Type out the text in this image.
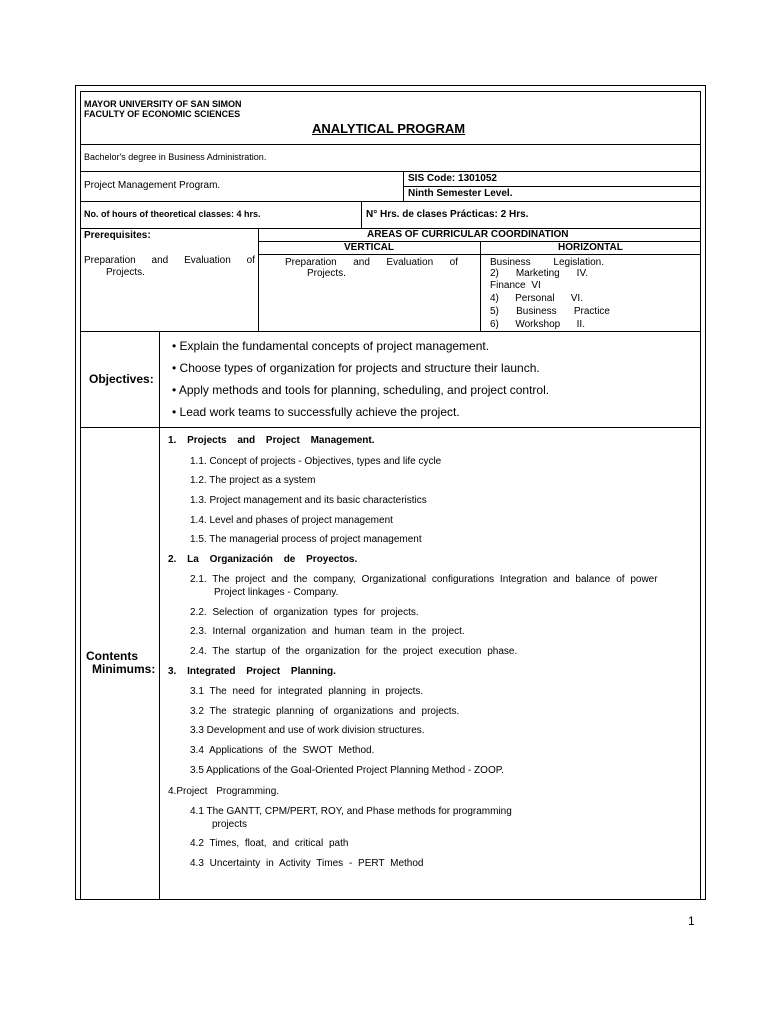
MAYOR UNIVERSITY OF SAN SIMON
FACULTY OF ECONOMIC SCIENCES
ANALYTICAL PROGRAM
Bachelor's degree in Business Administration.
Project Management Program.
SIS Code: 1301052
Ninth Semester Level.
No. of hours of theoretical classes: 4 hrs.	N° Hrs. de clases Prácticas: 2 Hrs.
Prerequisites:
Preparation and Evaluation of
Projects.
AREAS OF CURRICULAR COORDINATION
VERTICAL	HORIZONTAL
Preparation and Evaluation of
Projects.
Business Legislation.
2) Marketing IV.
Finance VI
4) Personal VI.
5) Business Practice
6) Workshop II.
Objectives:
• Explain the fundamental concepts of project management.
• Choose types of organization for projects and structure their launch.
• Apply methods and tools for planning, scheduling, and project control.
• Lead work teams to successfully achieve the project.
Contents
Minimums:
1. Projects and Project Management.
1.1. Concept of projects - Objectives, types and life cycle
1.2. The project as a system
1.3. Project management and its basic characteristics
1.4. Level and phases of project management
1.5. The managerial process of project management
2. La Organización de Proyectos.
2.1. The project and the company, Organizational configurations Integration and balance of power
Project linkages - Company.
2.2. Selection of organization types for projects.
2.3. Internal organization and human team in the project.
2.4. The startup of the organization for the project execution phase.
3. Integrated Project Planning.
3.1 The need for integrated planning in projects.
3.2 The strategic planning of organizations and projects.
3.3 Development and use of work division structures.
3.4 Applications of the SWOT Method.
3.5 Applications of the Goal-Oriented Project Planning Method - ZOOP.
4.Project Programming.
4.1 The GANTT, CPM/PERT, ROY, and Phase methods for programming
projects
4.2 Times, float, and critical path
4.3 Uncertainty in Activity Times - PERT Method
1
